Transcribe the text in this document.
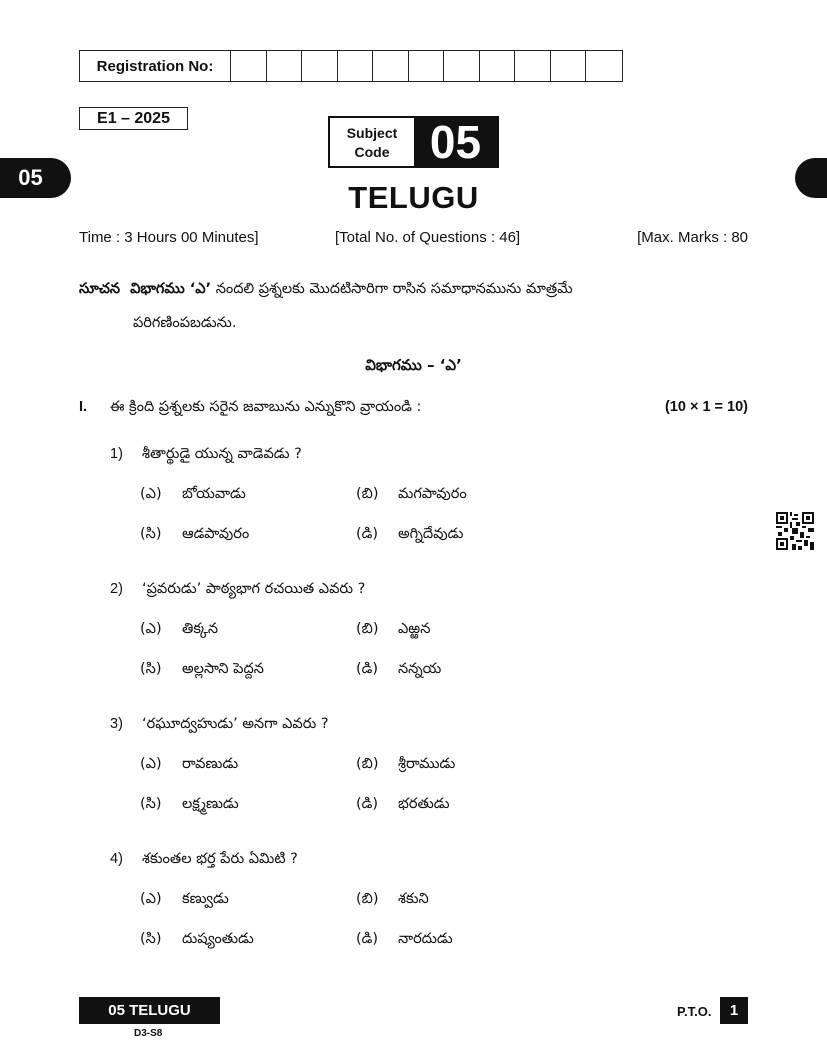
Registration No:
E1 – 2025
Subject
Code 05
05
TELUGU
Time : 3 Hours 00 Minutes]	[Total No. of Questions : 46]	[Max. Marks : 80
సూచన విభాగము ‘ఎ’ నందలి ప్రశ్నలకు మొదటిసారిగా రాసిన సమాధానమును మాత్రమే
పరిగణింపబడును.
విభాగము – ‘ఎ’
I. ఈ క్రింది ప్రశ్నలకు సరైన జవాబును ఎన్నుకొని వ్రాయండి :	(10 × 1 = 10)
1) శీతార్థుడై యున్న వాడెవడు ?
(ఎ) బోయవాడు	(బి) మగపావురం
(సి) ఆడపావురం	(డి) అగ్నిదేవుడు
2) ‘ప్రవరుడు’ పాఠ్యభాగ రచయిత ఎవరు ?
(ఎ) తిక్కన	(బి) ఎఱ్ఱన
(సి) అల్లసాని పెద్దన	(డి) నన్నయ
3) ‘రఘూద్వహుడు’ అనగా ఎవరు ?
(ఎ) రావణుడు	(బి) శ్రీరాముడు
(సి) లక్ష్మణుడు	(డి) భరతుడు
4) శకుంతల భర్త పేరు ఏమిటి ?
(ఎ) కణ్వుడు	(బి) శకుని
(సి) దుష్యంతుడు	(డి) నారదుడు
05 TELUGU
D3-S8
P.T.O.	1
